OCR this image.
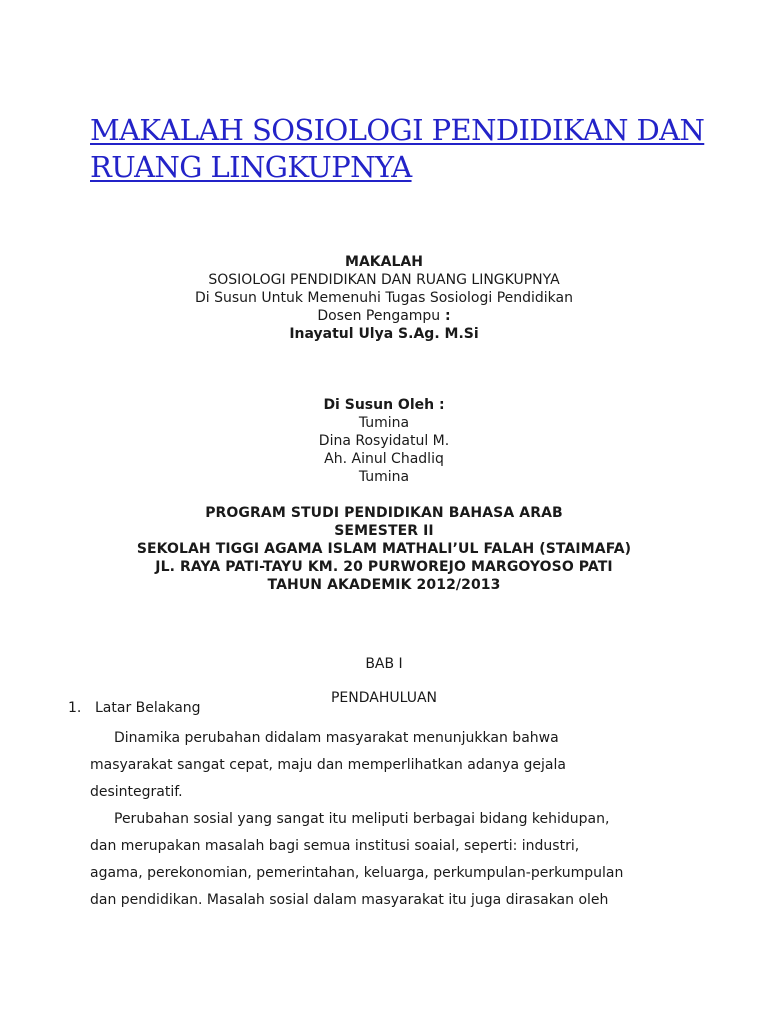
MAKALAH SOSIOLOGI PENDIDIKAN DAN RUANG LINGKUPNYA

MAKALAH

SOSIOLOGI PENDIDIKAN DAN RUANG LINGKUPNYA

Di Susun Untuk Memenuhi Tugas Sosiologi Pendidikan

Dosen Pengampu :

Inayatul Ulya S.Ag. M.Si

Di Susun Oleh :

Tumina

Dina Rosyidatul M.

Ah. Ainul Chadliq

Tumina

PROGRAM STUDI PENDIDIKAN BAHASA ARAB

SEMESTER II

SEKOLAH TIGGI AGAMA ISLAM MATHALI’UL FALAH (STAIMAFA)

JL. RAYA PATI-TAYU KM. 20 PURWOREJO MARGOYOSO PATI

TAHUN AKADEMIK 2012/2013

BAB I

PENDAHULUAN

1. Latar Belakang

Dinamika perubahan didalam masyarakat menunjukkan bahwa

masyarakat sangat cepat, maju dan memperlihatkan adanya gejala

desintegratif.

Perubahan sosial yang sangat itu meliputi berbagai bidang kehidupan,

dan merupakan masalah bagi semua institusi soaial, seperti: industri,

agama, perekonomian, pemerintahan, keluarga, perkumpulan-perkumpulan

dan pendidikan. Masalah sosial dalam masyarakat itu juga dirasakan oleh
